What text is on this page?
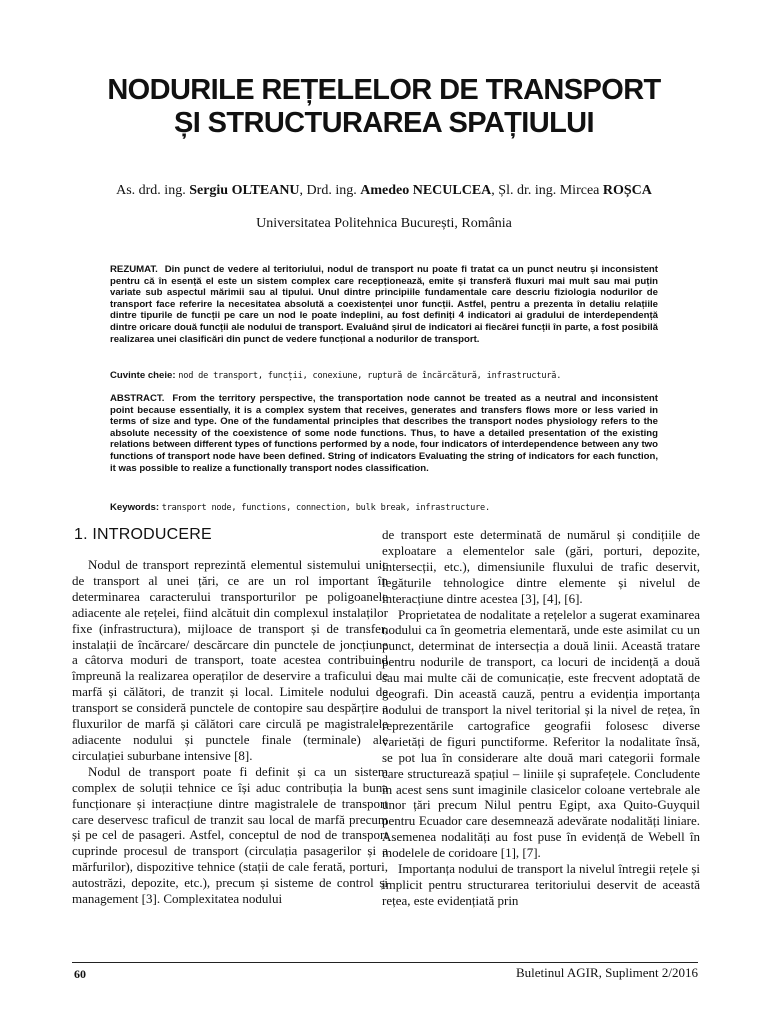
NODURILE REȚELELOR DE TRANSPORT
ȘI STRUCTURAREA SPAȚIULUI
As. drd. ing. Sergiu OLTEANU, Drd. ing. Amedeo NECULCEA, Șl. dr. ing. Mircea ROȘCA
Universitatea Politehnica București, România

REZUMAT. Din punct de vedere al teritoriului, nodul de transport nu poate fi tratat ca un punct neutru și inconsistent pentru că în esență el este un sistem complex care recepționează, emite și transferă fluxuri mai mult sau mai puțin variate sub aspectul mărimii sau al tipului. Unul dintre principiile fundamentale care descriu fiziologia nodurilor de transport face referire la necesitatea absolută a coexistenței unor funcții. Astfel, pentru a prezenta în detaliu relațiile dintre tipurile de funcții pe care un nod le poate îndeplini, au fost definiți 4 indicatori ai gradului de interdependență dintre oricare două funcții ale nodului de transport. Evaluând șirul de indicatori ai fiecărei funcții în parte, a fost posibilă realizarea unei clasificări din punct de vedere funcțional a nodurilor de transport.

Cuvinte cheie: nod de transport, funcții, conexiune, ruptură de încărcătură, infrastructură.

ABSTRACT. From the territory perspective, the transportation node cannot be treated as a neutral and inconsistent point because essentially, it is a complex system that receives, generates and transfers flows more or less varied in terms of size and type. One of the fundamental principles that describes the transport nodes physiology refers to the absolute necessity of the coexistence of some node functions. Thus, to have a detailed presentation of the existing relations between different types of functions performed by a node, four indicators of interdependence between any two functions of transport node have been defined. String of indicators Evaluating the string of indicators for each function, it was possible to realize a functionally transport nodes classification.

Keywords: transport node, functions, connection, bulk break, infrastructure.
1. INTRODUCERE

Nodul de transport reprezintă elementul sistemului unic de transport al unei țări, ce are un rol important în determinarea caracterului transporturilor pe poligoanele adiacente ale rețelei, fiind alcătuit din complexul instalaților fixe (infrastructura), mijloace de transport și de transfer, instalații de încărcare/ descărcare din punctele de joncțiune a câtorva moduri de transport, toate acestea contribuind împreună la realizarea operaților de deservire a traficului de marfă și călători, de tranzit și local. Limitele nodului de transport se consideră punctele de contopire sau despărțire a fluxurilor de marfă și călători care circulă pe magistralele adiacente nodului și punctele finale (terminale) ale circulației suburbane intensive [8].

Nodul de transport poate fi definit și ca un sistem complex de soluții tehnice ce își aduc contribuția la buna funcționare și interacțiune dintre magistralele de transport care deservesc traficul de tranzit sau local de marfă precum și pe cel de pasageri. Astfel, conceptul de nod de transport cuprinde procesul de transport (circulația pasagerilor și a mărfurilor), dispozitive tehnice (stații de cale ferată, porturi, autostrăzi, depozite, etc.), precum și sisteme de control și management [3]. Complexitatea nodului

de transport este determinată de numărul și condițiile de exploatare a elementelor sale (gări, porturi, depozite, intersecții, etc.), dimensiunile fluxului de trafic deservit, legăturile tehnologice dintre elemente și nivelul de interacțiune dintre acestea [3], [4], [6].

Proprietatea de nodalitate a rețelelor a sugerat examinarea nodului ca în geometria elementară, unde este asimilat cu un punct, determinat de intersecția a două linii. Această tratare pentru nodurile de transport, ca locuri de incidență a două sau mai multe căi de comunicație, este frecvent adoptată de geografi. Din această cauză, pentru a evidenția importanța nodului de transport la nivel teritorial și la nivel de rețea, în reprezentările cartografice geografii folosesc diverse varietăți de figuri punctiforme. Referitor la nodalitate însă, se pot lua în considerare alte două mari categorii formale care structurează spațiul – liniile și suprafețele. Concludente în acest sens sunt imaginile clasicelor coloane vertebrale ale unor țări precum Nilul pentru Egipt, axa Quito-Guyquil pentru Ecuador care desemnează adevărate nodalități liniare. Asemenea nodalități au fost puse în evidență de Webell în modelele de coridoare [1], [7].

Importanța nodului de transport la nivelul întregii rețele și implicit pentru structurarea teritoriului deservit de această rețea, este evidențiată prin

60	Buletinul AGIR, Supliment 2/2016
